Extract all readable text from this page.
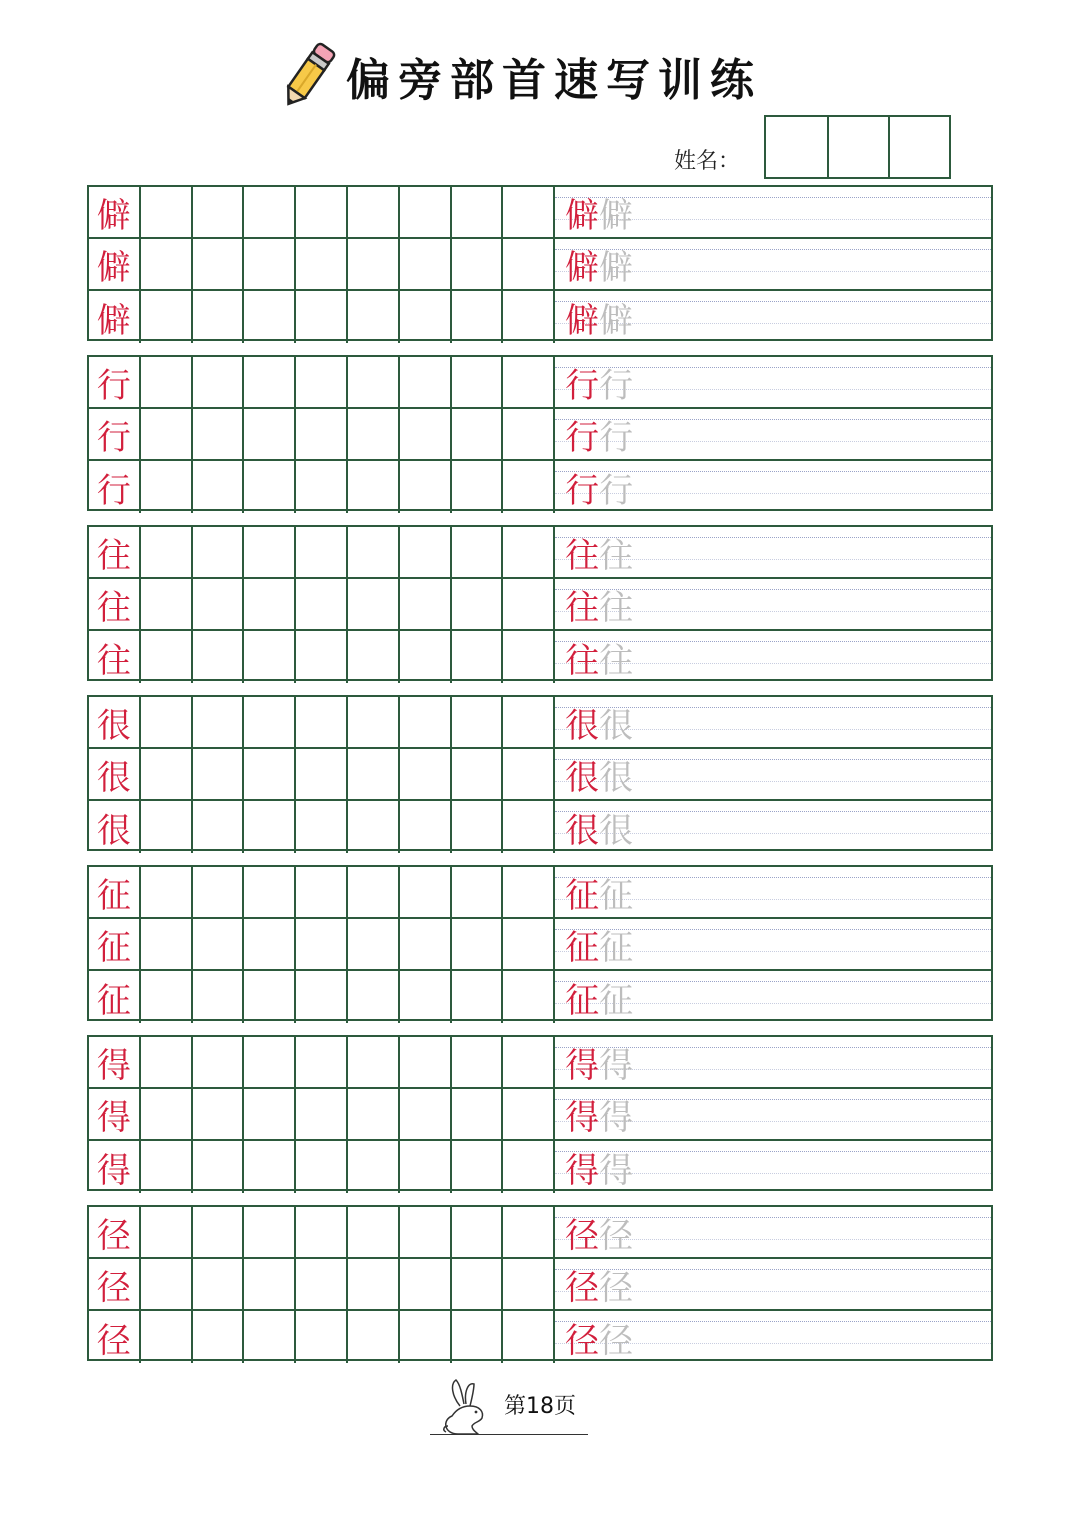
偏旁部首速写训练
姓名：
僻	僻 僻
僻	僻 僻
僻	僻 僻
行	行 行
行	行 行
行	行 行
往	往 往
往	往 往
往	往 往
很	很 很
很	很 很
很	很 很
征	征 征
征	征 征
征	征 征
得	得 得
得	得 得
得	得 得
径	径 径
径	径 径
径	径 径
第18页
